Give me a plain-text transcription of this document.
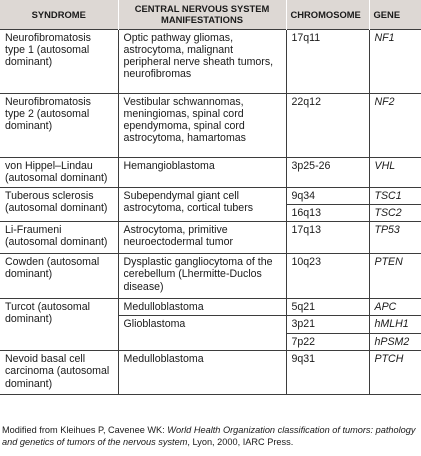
SYNDROME	CENTRAL NERVOUS SYSTEM MANIFESTATIONS	CHROMOSOME	GENE
Neurofibromatosis type 1 (autosomal dominant)	Optic pathway gliomas, astrocytoma, malignant peripheral nerve sheath tumors, neurofibromas	17q11	NF1
Neurofibromatosis type 2 (autosomal dominant)	Vestibular schwannomas, meningiomas, spinal cord ependymoma, spinal cord astrocytoma, hamartomas	22q12	NF2
von Hippel–Lindau (autosomal dominant)	Hemangioblastoma	3p25-26	VHL
Tuberous sclerosis (autosomal dominant)	Subependymal giant cell astrocytoma, cortical tubers	9q34	TSC1
		16q13	TSC2
Li-Fraumeni (autosomal dominant)	Astrocytoma, primitive neuroectodermal tumor	17q13	TP53
Cowden (autosomal dominant)	Dysplastic gangliocytoma of the cerebellum (Lhermitte-Duclos disease)	10q23	PTEN
Turcot (autosomal dominant)	Medulloblastoma	5q21	APC
	Glioblastoma	3p21	hMLH1
		7p22	hPSM2
Nevoid basal cell carcinoma (autosomal dominant)	Medulloblastoma	9q31	PTCH
Modified from Kleihues P, Cavenee WK: World Health Organization classification of tumors: pathology and genetics of tumors of the nervous system, Lyon, 2000, IARC Press.
